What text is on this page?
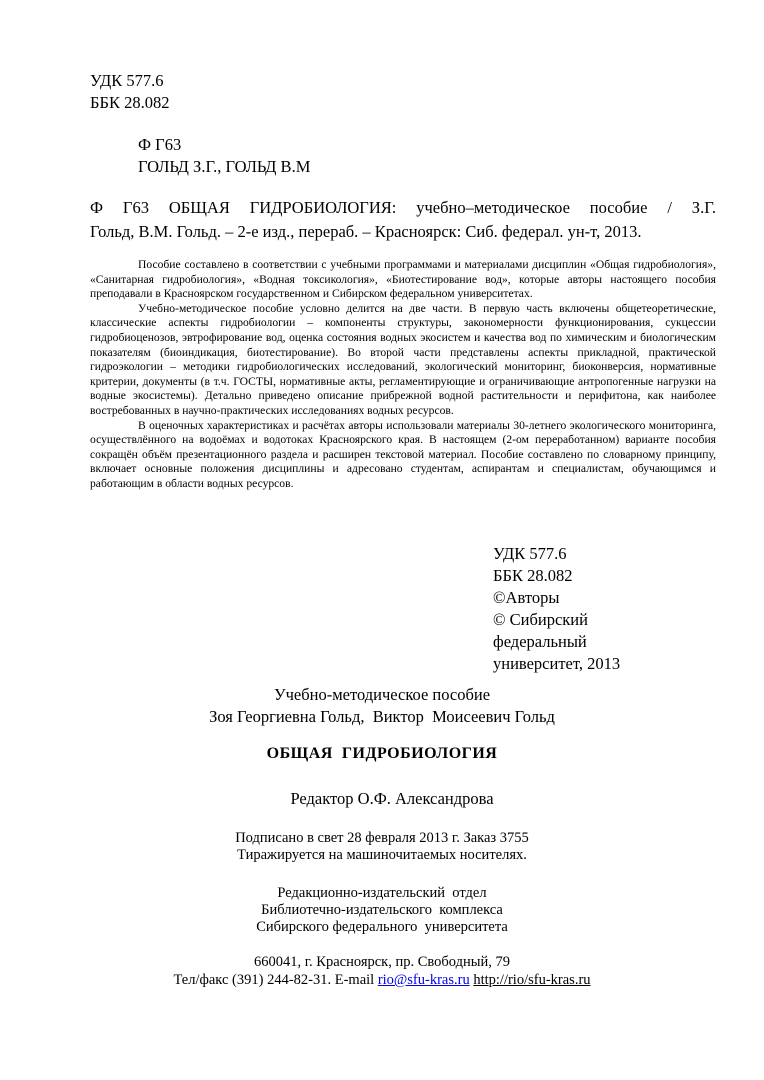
УДК 577.6
ББК 28.082
Ф Г63
ГОЛЬД З.Г., ГОЛЬД В.М
Ф Г63 ОБЩАЯ ГИДРОБИОЛОГИЯ: учебно–методическое пособие / З.Г.
Гольд, В.М. Гольд. – 2-е изд., перераб. – Красноярск: Сиб. федерал. ун-т, 2013.

Пособие составлено в соответствии с учебными программами и материалами дисциплин «Общая гидробиология», «Санитарная гидробиология», «Водная токсикология», «Биотестирование вод», которые авторы настоящего пособия преподавали в Красноярском государственном и Сибирском федеральном университетах.

Учебно-методическое пособие условно делится на две части. В первую часть включены общетеоретические, классические аспекты гидробиологии – компоненты структуры, закономерности функционирования, сукцессии гидробиоценозов, эвтрофирование вод, оценка состояния водных экосистем и качества вод по химическим и биологическим показателям (биоиндикация, биотестирование). Во второй части представлены аспекты прикладной, практической гидроэкологии – методики гидробиологических исследований, экологический мониторинг, биоконверсия, нормативные критерии, документы (в т.ч. ГОСТЫ, нормативные акты, регламентирующие и ограничивающие антропогенные нагрузки на водные экосистемы). Детально приведено описание прибрежной водной растительности и перифитона, как наиболее востребованных в научно-практических исследованиях водных ресурсов.

В оценочных характеристиках и расчётах авторы использовали материалы 30-летнего экологического мониторинга, осуществлённого на водоёмах и водотоках Красноярского края. В настоящем (2-ом переработанном) варианте пособия сокращён объём презентационного раздела и расширен текстовой материал. Пособие составлено по словарному принципу, включает основные положения дисциплины и адресовано студентам, аспирантам и специалистам, обучающимся и работающим в области водных ресурсов.

УДК 577.6
ББК 28.082
©Авторы
© Сибирский
федеральный
университет, 2013
Учебно-методическое пособие
Зоя Георгиевна Гольд,  Виктор  Моисеевич Гольд
ОБЩАЯ  ГИДРОБИОЛОГИЯ
Редактор О.Ф. Александрова
Подписано в свет 28 февраля 2013 г. Заказ 3755
Тиражируется на машиночитаемых носителях.
Редакционно-издательский  отдел
Библиотечно-издательского  комплекса
Сибирского федерального  университета
660041, г. Красноярск, пр. Свободный, 79
Тел/факс (391) 244-82-31. E-mail rio@sfu-kras.ru http://rio/sfu-kras.ru
